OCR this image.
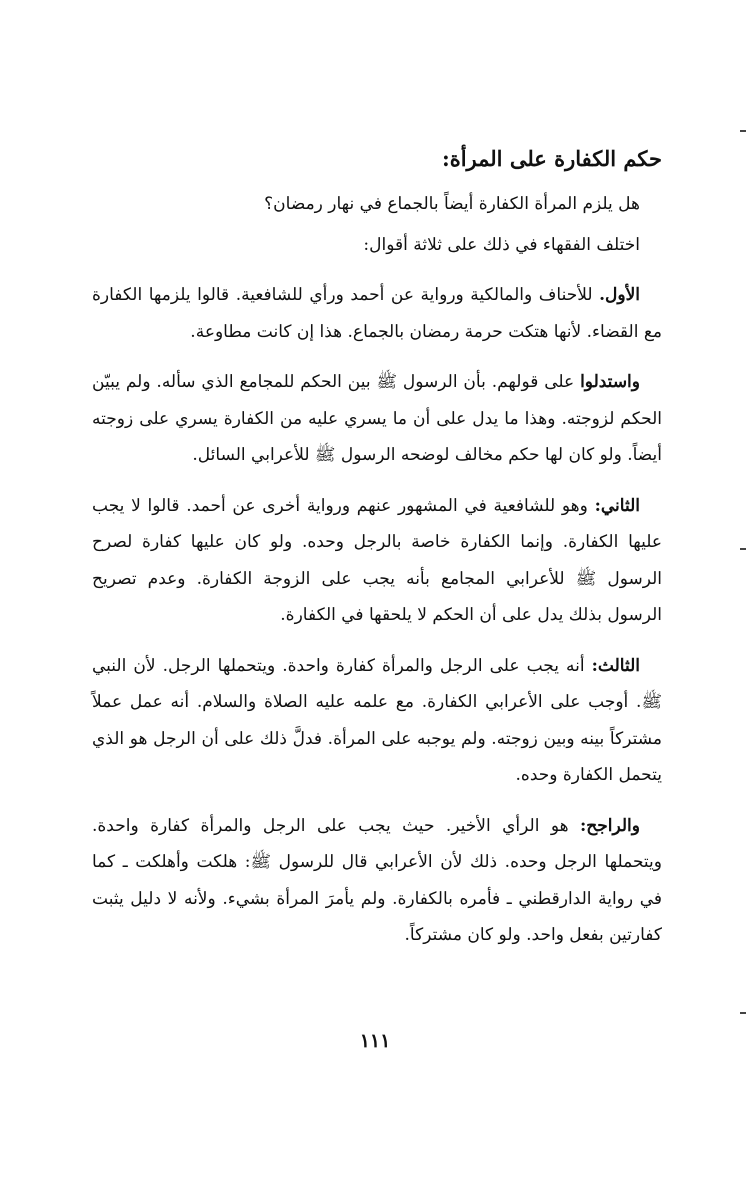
حكم الكفارة على المرأة:

هل يلزم المرأة الكفارة أيضاً بالجماع في نهار رمضان؟

اختلف الفقهاء في ذلك على ثلاثة أقوال:

الأول. للأحناف والمالكية ورواية عن أحمد ورأي للشافعية. قالوا يلزمها الكفارة مع القضاء. لأنها هتكت حرمة رمضان بالجماع. هذا إن كانت مطاوعة.

واستدلوا على قولهم. بأن الرسول ﷺ بين الحكم للمجامع الذي سأله. ولم يبيّن الحكم لزوجته. وهذا ما يدل على أن ما يسري عليه من الكفارة يسري على زوجته أيضاً. ولو كان لها حكم مخالف لوضحه الرسول ﷺ للأعرابي السائل.

الثاني: وهو للشافعية في المشهور عنهم ورواية أخرى عن أحمد. قالوا لا يجب عليها الكفارة. وإنما الكفارة خاصة بالرجل وحده. ولو كان عليها كفارة لصرح الرسول ﷺ للأعرابي المجامع بأنه يجب على الزوجة الكفارة. وعدم تصريح الرسول بذلك يدل على أن الحكم لا يلحقها في الكفارة.

الثالث: أنه يجب على الرجل والمرأة كفارة واحدة. ويتحملها الرجل. لأن النبي ﷺ. أوجب على الأعرابي الكفارة. مع علمه عليه الصلاة والسلام. أنه عمل عملاً مشتركاً بينه وبين زوجته. ولم يوجبه على المرأة. فدلَّ ذلك على أن الرجل هو الذي يتحمل الكفارة وحده.

والراجح: هو الرأي الأخير. حيث يجب على الرجل والمرأة كفارة واحدة. ويتحملها الرجل وحده. ذلك لأن الأعرابي قال للرسول ﷺ: هلكت وأهلكت ـ كما في رواية الدارقطني ـ فأمره بالكفارة. ولم يأمرَ المرأة بشيء. ولأنه لا دليل يثبت كفارتين بفعل واحد. ولو كان مشتركاً.

١١١
